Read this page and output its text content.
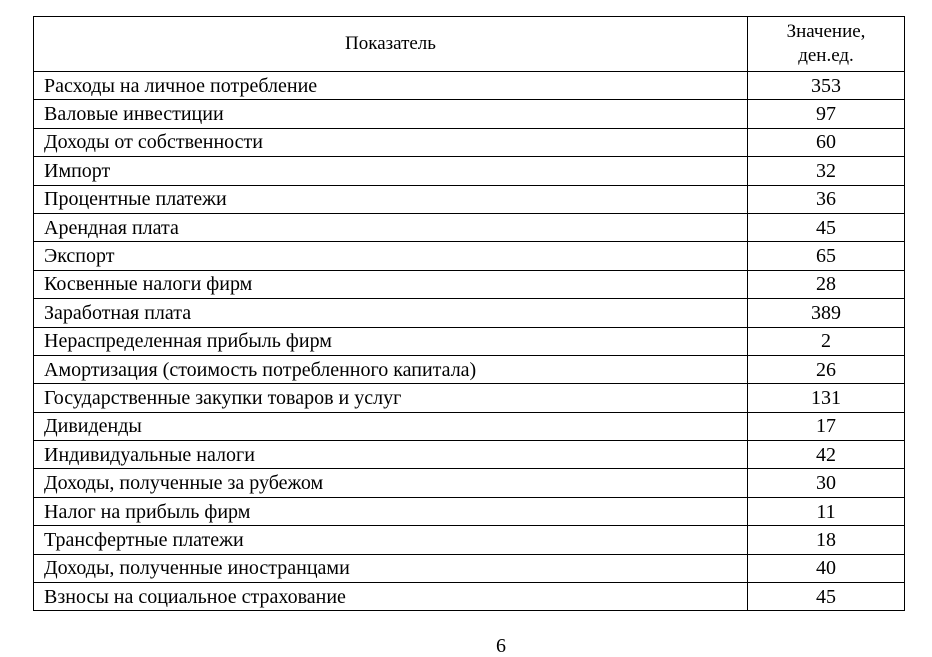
Показатель	Значение,
ден.ед.

Расходы на личное потребление	353
Валовые инвестиции	97
Доходы от собственности	60
Импорт	32
Процентные платежи	36
Арендная плата	45
Экспорт	65
Косвенные налоги фирм	28
Заработная плата	389
Нераспределенная прибыль фирм	2
Амортизация (стоимость потребленного капитала)	26
Государственные закупки товаров и услуг	131
Дивиденды	17
Индивидуальные налоги	42
Доходы, полученные за рубежом	30
Налог на прибыль фирм	11
Трансфертные платежи	18
Доходы, полученные иностранцами	40
Взносы на социальное страхование	45
6
